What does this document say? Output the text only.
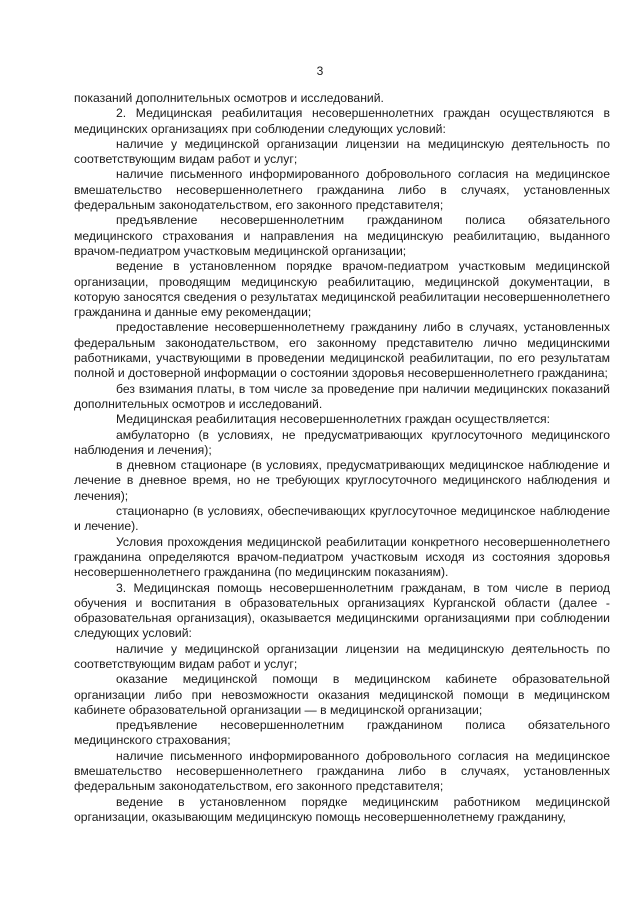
3

показаний дополнительных осмотров и исследований.

2. Медицинская реабилитация несовершеннолетних граждан осуществляются в медицинских организациях при соблюдении следующих условий:

наличие у медицинской организации лицензии на медицинскую деятельность по соответствующим видам работ и услуг;

наличие письменного информированного добровольного согласия на медицинское вмешательство несовершеннолетнего гражданина либо в случаях, установленных федеральным законодательством, его законного представителя;

предъявление несовершеннолетним гражданином полиса обязательного медицинского страхования и направления на медицинскую реабилитацию, выданного врачом-педиатром участковым медицинской организации;

ведение в установленном порядке врачом-педиатром участковым медицинской организации, проводящим медицинскую реабилитацию, медицинской документации, в которую заносятся сведения о результатах медицинской реабилитации несовершеннолетнего гражданина и данные ему рекомендации;

предоставление несовершеннолетнему гражданину либо в случаях, установленных федеральным законодательством, его законному представителю лично медицинскими работниками, участвующими в проведении медицинской реабилитации, по его результатам полной и достоверной информации о состоянии здоровья несовершеннолетнего гражданина;

без взимания платы, в том числе за проведение при наличии медицинских показаний дополнительных осмотров и исследований.

Медицинская реабилитация несовершеннолетних граждан осуществляется:

амбулаторно (в условиях, не предусматривающих круглосуточного медицинского наблюдения и лечения);

в дневном стационаре (в условиях, предусматривающих медицинское наблюдение и лечение в дневное время, но не требующих круглосуточного медицинского наблюдения и лечения);

стационарно (в условиях, обеспечивающих круглосуточное медицинское наблюдение и лечение).

Условия прохождения медицинской реабилитации конкретного несовершеннолетнего гражданина определяются врачом-педиатром участковым исходя из состояния здоровья несовершеннолетнего гражданина (по медицинским показаниям).

3. Медицинская помощь несовершеннолетним гражданам, в том числе в период обучения и воспитания в образовательных организациях Курганской области (далее - образовательная организация), оказывается медицинскими организациями при соблюдении следующих условий:

наличие у медицинской организации лицензии на медицинскую деятельность по соответствующим видам работ и услуг;

оказание медицинской помощи в медицинском кабинете образовательной организации либо при невозможности оказания медицинской помощи в медицинском кабинете образовательной организации — в медицинской организации;

предъявление несовершеннолетним гражданином полиса обязательного медицинского страхования;

наличие письменного информированного добровольного согласия на медицинское вмешательство несовершеннолетнего гражданина либо в случаях, установленных федеральным законодательством, его законного представителя;

ведение в установленном порядке медицинским работником медицинской организации, оказывающим медицинскую помощь несовершеннолетнему гражданину,
